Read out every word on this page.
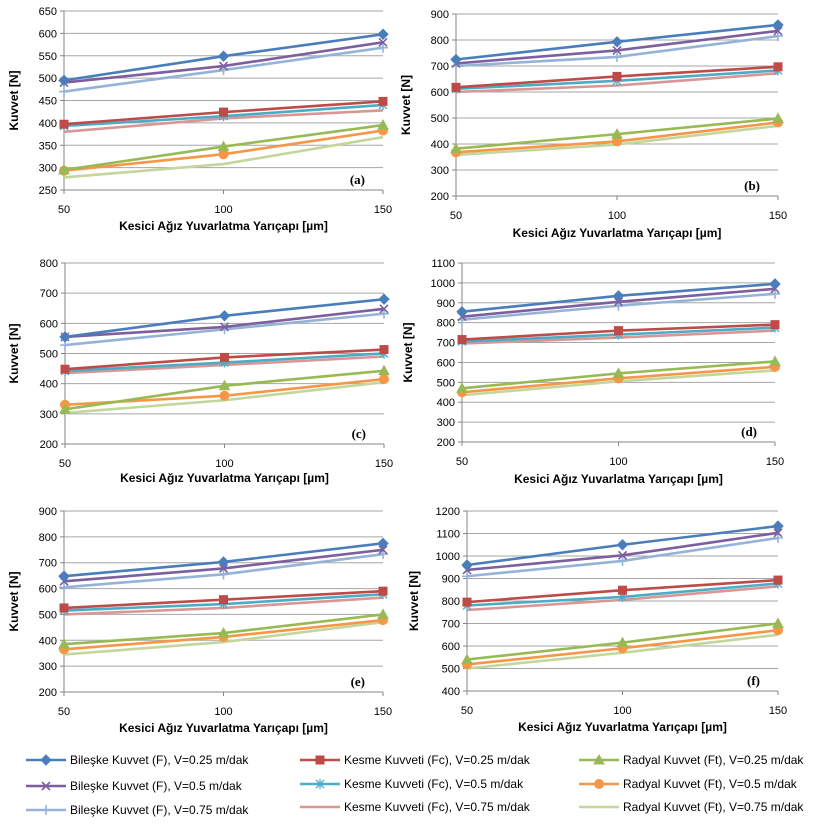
250
300
350
400
450
500
550
600
650
50	100	150
Kesici Ağız Yuvarlatma Yarıçapı [µm]
Kuvvet [N]
(a)
200
300
400
500
600
700
800
900
50	100	150
Kesici Ağız Yuvarlatma Yarıçapı [µm]
Kuvvet [N]
(b)
200
300
400
500
600
700
800
50	100	150
Kesici Ağız Yuvarlatma Yarıçapı [µm]
Kuvvet [N]
(c)
200
300
400
500
600
700
800
900
1000
1100
50	100	150
Kesici Ağız Yuvarlatma Yarıçapı [µm]
Kuvvet [N]
(d)
200
300
400
500
600
700
800
900
50	100	150
Kesici Ağız Yuvarlatma Yarıçapı [µm]
Kuvvet [N]
(e)
400
500
600
700
800
900
1000
1100
1200
50	100	150
Kesici Ağız Yuvarlatma Yarıçapı [µm]
Kuvvet [N]
(f)
Bileşke Kuvvet (F), V=0.25 m/dak
Bileşke Kuvvet (F), V=0.5 m/dak
Bileşke Kuvvet (F), V=0.75 m/dak
Kesme Kuvveti (Fc), V=0.25 m/dak
Kesme Kuvveti (Fc), V=0.5 m/dak
Kesme Kuvveti (Fc), V=0.75 m/dak
Radyal Kuvvet (Ft), V=0.25 m/dak
Radyal Kuvvet (Ft), V=0.5 m/dak
Radyal Kuvvet (Ft), V=0.75 m/dak
